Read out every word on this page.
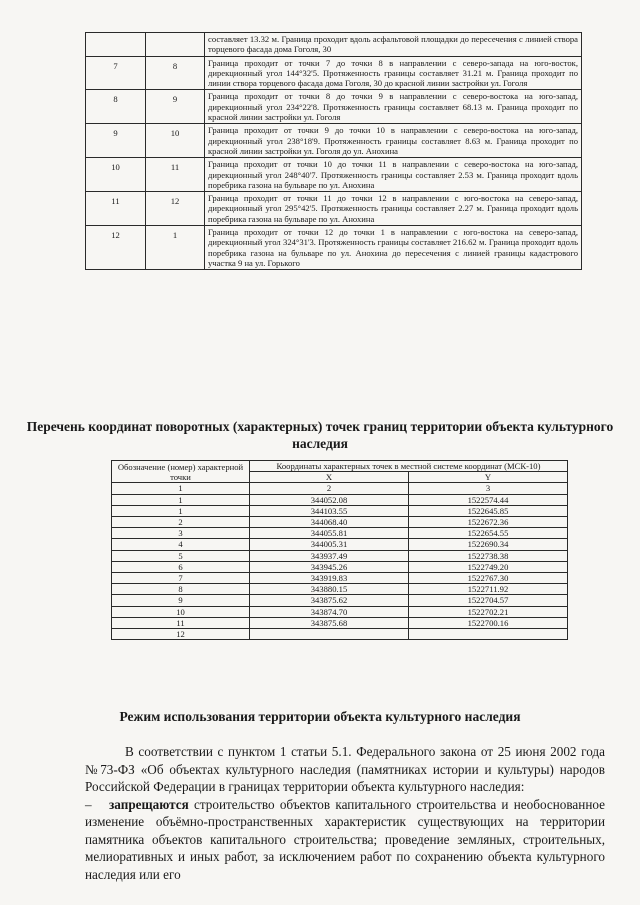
		составляет 13.32 м. Граница проходит вдоль асфальтовой площадки до пересечения с линией створа торцевого фасада дома Гоголя, 30
7	8	Граница проходит от точки 7 до точки 8 в направлении с северо-запада на юго-восток, дирекционный угол 144°32'5. Протяженность границы составляет 31.21 м. Граница проходит по линии створа торцевого фасада дома Гоголя, 30 до красной линии застройки ул. Гоголя
8	9	Граница проходит от точки 8 до точки 9 в направлении с северо-востока на юго-запад, дирекционный угол 234°22'8. Протяженность границы составляет 68.13 м. Граница проходит по красной линии застройки ул. Гоголя
9	10	Граница проходит от точки 9 до точки 10 в направлении с северо-востока на юго-запад, дирекционный угол 238°18'9. Протяженность границы составляет 8.63 м. Граница проходит по красной линии застройки ул. Гоголя до ул. Анохина
10	11	Граница проходит от точки 10 до точки 11 в направлении с северо-востока на юго-запад, дирекционный угол 248°40'7. Протяженность границы составляет 2.53 м. Граница проходит вдоль поребрика газона на бульваре по ул. Анохина
11	12	Граница проходит от точки 11 до точки 12 в направлении с юго-востока на северо-запад, дирекционный угол 295°42'5. Протяженность границы составляет 2.27 м. Граница проходит вдоль поребрика газона на бульваре по ул. Анохина
12	1	Граница проходит от точки 12 до точки 1 в направлении с юго-востока на северо-запад, дирекционный угол 324°31'3. Протяженность границы составляет 216.62 м. Граница проходит вдоль поребрика газона на бульваре по ул. Анохина до пересечения с линией границы кадастрового участка 9 на ул. Горького
Перечень координат поворотных (характерных) точек границ территории объекта культурного наследия
Обозначение (номер) характерной точки	Координаты характерных точек в местной системе координат (МСК-10)	
	X	Y
1	2	3
1	344052.08	1522574.44
1	344103.55	1522645.85
2	344068.40	1522672.36
3	344055.81	1522654.55
4	344005.31	1522690.34
5	343937.49	1522738.38
6	343945.26	1522749.20
7	343919.83	1522767.30
8	343880.15	1522711.92
9	343875.62	1522704.57
10	343874.70	1522702.21
11	343875.68	1522700.16
12		
Режим использования территории объекта культурного наследия

В соответствии с пунктом 1 статьи 5.1. Федерального закона от 25 июня 2002 года №73-ФЗ «Об объектах культурного наследия (памятниках истории и культуры) народов Российской Федерации в границах территории объекта культурного наследия:

– запрещаются строительство объектов капитального строительства и необоснованное изменение объёмно-пространственных характеристик существующих на территории памятника объектов капитального строительства; проведение земляных, строительных, мелиоративных и иных работ, за исключением работ по сохранению объекта культурного наследия или его
